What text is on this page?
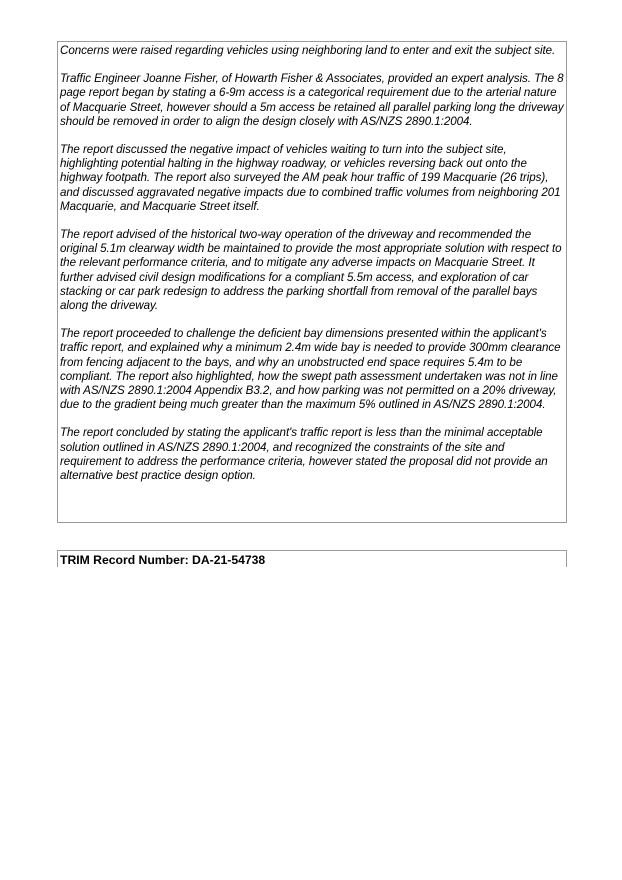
Concerns were raised regarding vehicles using neighboring land to enter and exit the subject site.

Traffic Engineer Joanne Fisher, of Howarth Fisher & Associates, provided an expert analysis. The 8 page report began by stating a 6-9m access is a categorical requirement due to the arterial nature of Macquarie Street, however should a 5m access be retained all parallel parking long the driveway should be removed in order to align the design closely with AS/NZS 2890.1:2004.

The report discussed the negative impact of vehicles waiting to turn into the subject site, highlighting potential halting in the highway roadway, or vehicles reversing back out onto the highway footpath. The report also surveyed the AM peak hour traffic of 199 Macquarie (26 trips), and discussed aggravated negative impacts due to combined traffic volumes from neighboring 201 Macquarie, and Macquarie Street itself.

The report advised of the historical two-way operation of the driveway and recommended the original 5.1m clearway width be maintained to provide the most appropriate solution with respect to the relevant performance criteria, and to mitigate any adverse impacts on Macquarie Street. It further advised civil design modifications for a compliant 5.5m access, and exploration of car stacking or car park redesign to address the parking shortfall from removal of the parallel bays along the driveway.

The report proceeded to challenge the deficient bay dimensions presented within the applicant's traffic report, and explained why a minimum 2.4m wide bay is needed to provide 300mm clearance from fencing adjacent to the bays, and why an unobstructed end space requires 5.4m to be compliant. The report also highlighted, how the swept path assessment undertaken was not in line with AS/NZS 2890.1:2004 Appendix B3.2, and how parking was not permitted on a 20% driveway, due to the gradient being much greater than the maximum 5% outlined in AS/NZS 2890.1:2004.

The report concluded by stating the applicant's traffic report is less than the minimal acceptable solution outlined in AS/NZS 2890.1:2004, and recognized the constraints of the site and requirement to address the performance criteria, however stated the proposal did not provide an alternative best practice design option.

TRIM Record Number: DA-21-54738
